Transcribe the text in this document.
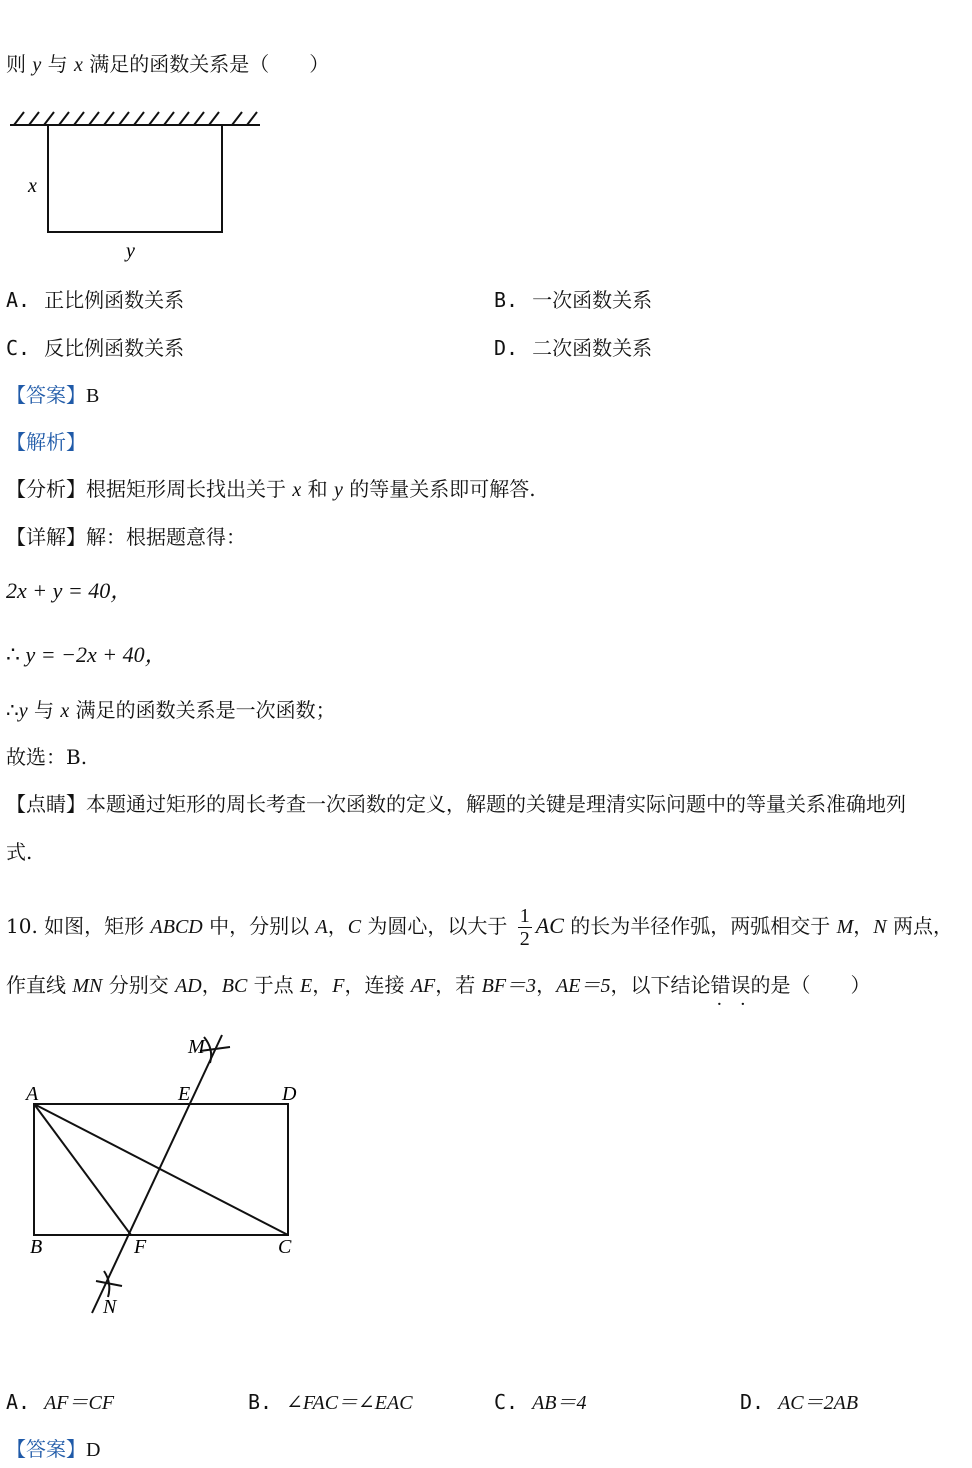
则 y 与 x 满足的函数关系是（　　）
x
y
A. 正比例函数关系	B. 一次函数关系
C. 反比例函数关系	D. 二次函数关系
【答案】B
【解析】
【分析】根据矩形周长找出关于 x 和 y 的等量关系即可解答.
【详解】解：根据题意得：
2x + y = 40，
∴ y = −2x + 40，
∴y 与 x 满足的函数关系是一次函数；
故选：B.
【点睛】本题通过矩形的周长考查一次函数的定义，解题的关键是理清实际问题中的等量关系准确地列
式.
10. 如图，矩形 ABCD 中，分别以 A，C 为圆心，以大于 $\frac{1}{2}$ AC 的长为半径作弧，两弧相交于 M，N 两点，
作直线 MN 分别交 AD，BC 于点 E，F，连接 AF，若 BF＝3，AE＝5，以下结论错误 · ·的是（　　）
M
N
A	E	D
B	F	C
A. AF＝CF	B. ∠FAC＝∠EAC	C. AB＝4	D. AC＝2AB
【答案】D
